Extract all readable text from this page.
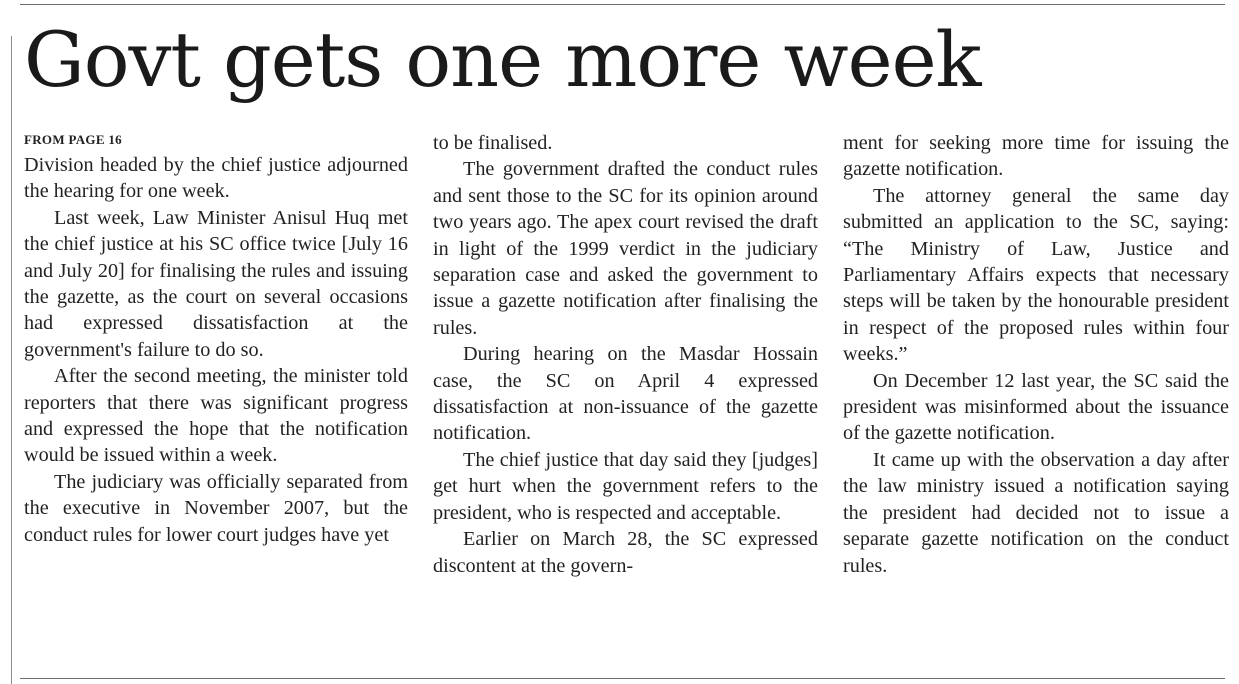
Govt gets one more week
FROM PAGE 16

Division headed by the chief justice adjourned the hearing for one week.

Last week, Law Minister Anisul Huq met the chief justice at his SC office twice [July 16 and July 20] for finalising the rules and issuing the gazette, as the court on several occasions had expressed dissatisfaction at the government's failure to do so.

After the second meeting, the minister told reporters that there was significant progress and expressed the hope that the notification would be issued within a week.

The judiciary was officially separated from the executive in November 2007, but the conduct rules for lower court judges have yet

to be finalised.

The government drafted the conduct rules and sent those to the SC for its opinion around two years ago. The apex court revised the draft in light of the 1999 verdict in the judiciary separation case and asked the government to issue a gazette notification after finalising the rules.

During hearing on the Masdar Hossain case, the SC on April 4 expressed dissatisfaction at non-issuance of the gazette notification.

The chief justice that day said they [judges] get hurt when the government refers to the president, who is respected and acceptable.

Earlier on March 28, the SC expressed discontent at the govern-

ment for seeking more time for issuing the gazette notification.

The attorney general the same day submitted an application to the SC, saying: “The Ministry of Law, Justice and Parliamentary Affairs expects that necessary steps will be taken by the honourable president in respect of the proposed rules within four weeks.”

On December 12 last year, the SC said the president was misinformed about the issuance of the gazette notification.

It came up with the observation a day after the law ministry issued a notification saying the president had decided not to issue a separate gazette notification on the conduct rules.
